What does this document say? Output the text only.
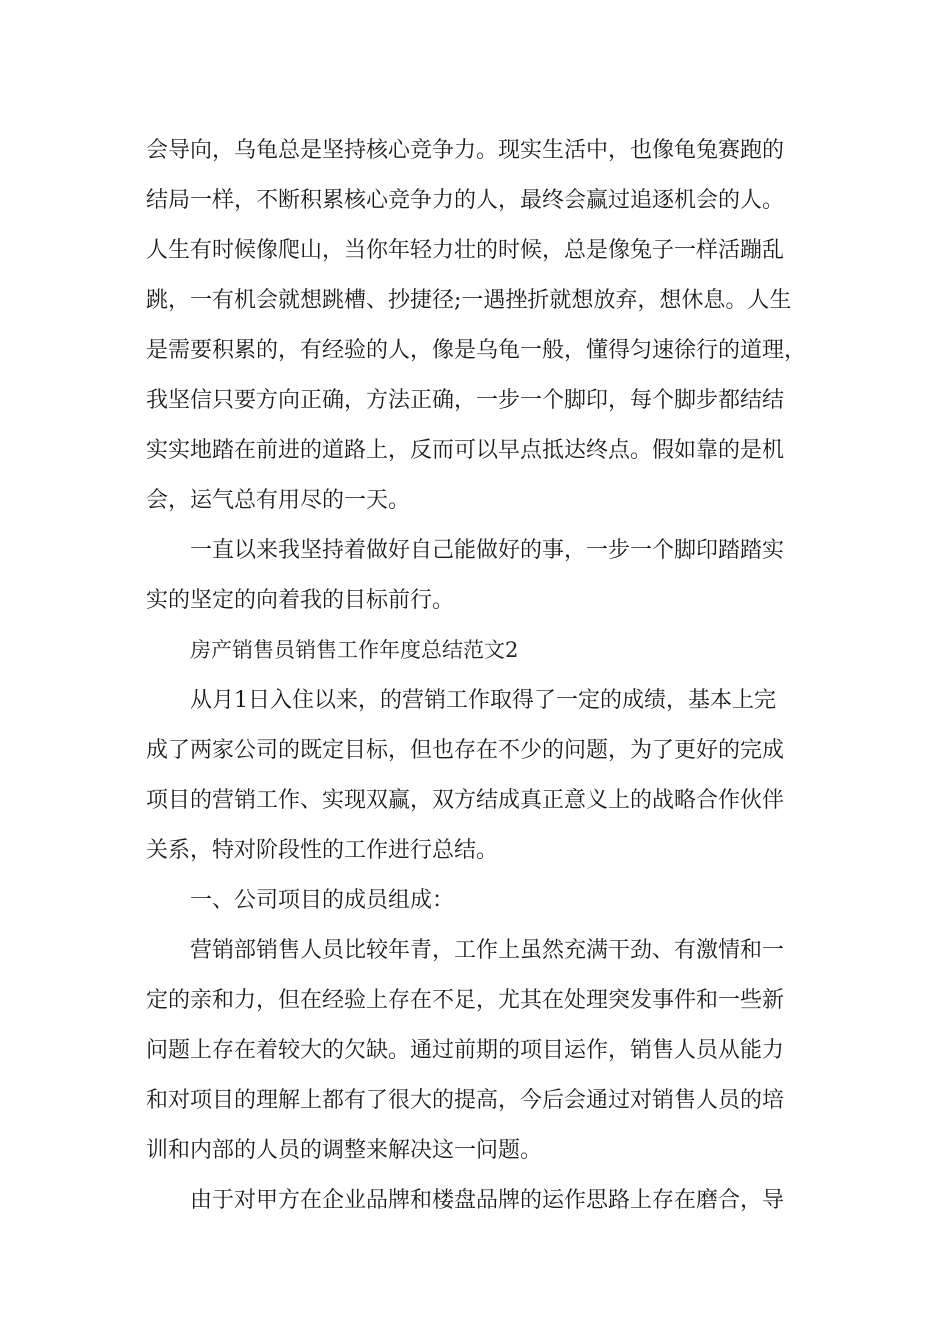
会导向，乌龟总是坚持核心竞争力。现实生活中，也像龟兔赛跑的
结局一样，不断积累核心竞争力的人，最终会赢过追逐机会的人。
人生有时候像爬山，当你年轻力壮的时候，总是像兔子一样活蹦乱
跳，一有机会就想跳槽、抄捷径;一遇挫折就想放弃，想休息。人生
是需要积累的，有经验的人，像是乌龟一般，懂得匀速徐行的道理，
我坚信只要方向正确，方法正确，一步一个脚印，每个脚步都结结
实实地踏在前进的道路上，反而可以早点抵达终点。假如靠的是机
会，运气总有用尽的一天。
一直以来我坚持着做好自己能做好的事，一步一个脚印踏踏实
实的坚定的向着我的目标前行。
房产销售员销售工作年度总结范文2
从月1日入住以来，的营销工作取得了一定的成绩，基本上完
成了两家公司的既定目标，但也存在不少的问题，为了更好的完成
项目的营销工作、实现双赢，双方结成真正意义上的战略合作伙伴
关系，特对阶段性的工作进行总结。
一、公司项目的成员组成：
营销部销售人员比较年青，工作上虽然充满干劲、有激情和一
定的亲和力，但在经验上存在不足，尤其在处理突发事件和一些新
问题上存在着较大的欠缺。通过前期的项目运作，销售人员从能力
和对项目的理解上都有了很大的提高，今后会通过对销售人员的培
训和内部的人员的调整来解决这一问题。
由于对甲方在企业品牌和楼盘品牌的运作思路上存在磨合，导
